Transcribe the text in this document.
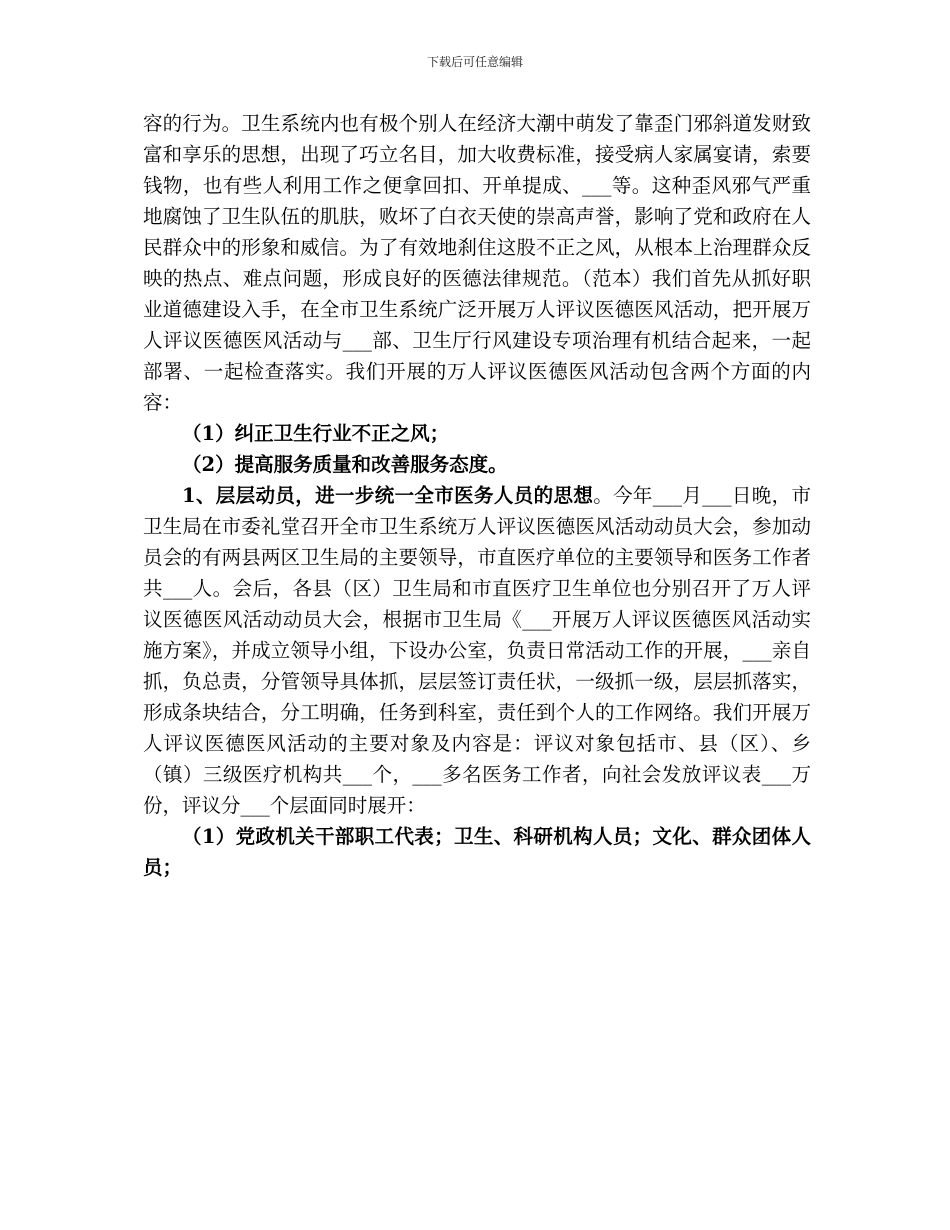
下载后可任意编辑

容的行为。卫生系统内也有极个别人在经济大潮中萌发了靠歪门邪斜道发财致富和享乐的思想，出现了巧立名目，加大收费标准，接受病人家属宴请，索要钱物，也有些人利用工作之便拿回扣、开单提成、___等。这种歪风邪气严重地腐蚀了卫生队伍的肌肤，败坏了白衣天使的崇高声誉，影响了党和政府在人民群众中的形象和威信。为了有效地刹住这股不正之风，从根本上治理群众反映的热点、难点问题，形成良好的医德法律规范。（范本）我们首先从抓好职业道德建设入手，在全市卫生系统广泛开展万人评议医德医风活动，把开展万人评议医德医风活动与___部、卫生厅行风建设专项治理有机结合起来，一起部署、一起检查落实。我们开展的万人评议医德医风活动包含两个方面的内容：

（1）纠正卫生行业不正之风；

（2）提高服务质量和改善服务态度。

1、层层动员，进一步统一全市医务人员的思想。今年___月___日晚，市卫生局在市委礼堂召开全市卫生系统万人评议医德医风活动动员大会，参加动员会的有两县两区卫生局的主要领导，市直医疗单位的主要领导和医务工作者共___人。会后，各县（区）卫生局和市直医疗卫生单位也分别召开了万人评议医德医风活动动员大会，根据市卫生局《___开展万人评议医德医风活动实施方案》，并成立领导小组，下设办公室，负责日常活动工作的开展，___亲自抓，负总责，分管领导具体抓，层层签订责任状，一级抓一级，层层抓落实，形成条块结合，分工明确，任务到科室，责任到个人的工作网络。我们开展万人评议医德医风活动的主要对象及内容是：评议对象包括市、县（区）、乡（镇）三级医疗机构共___个，___多名医务工作者，向社会发放评议表___万份，评议分___个层面同时展开：

（1）党政机关干部职工代表；卫生、科研机构人员；文化、群众团体人员；
